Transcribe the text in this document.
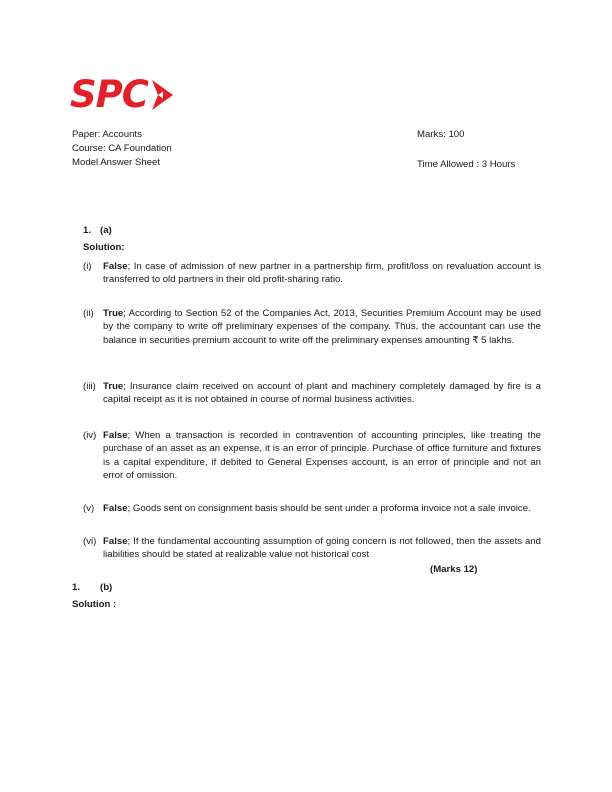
SPC
Paper: Accounts
Course: CA Foundation
Model Answer Sheet
Marks: 100
Time Allowed : 3 Hours
1. (a)
Solution:
(i)	False; In case of admission of new partner in a partnership firm, profit/loss on revaluation account is transferred to old partners in their old profit-sharing ratio.
(ii) True; According to Section 52 of the Companies Act, 2013, Securities Premium Account may be used by the company to write off preliminary expenses of the company. Thus, the accountant can use the balance in securities premium account to write off the preliminary expenses amounting ₹ 5 lakhs.
(iii) True; Insurance claim received on account of plant and machinery completely damaged by fire is a capital receipt as it is not obtained in course of normal business activities.
(iv) False; When a transaction is recorded in contravention of accounting principles, like treating the purchase of an asset as an expense, it is an error of principle. Purchase of office furniture and fixtures is a capital expenditure, if debited to General Expenses account, is an error of principle and not an error of omission.
(v) False; Goods sent on consignment basis should be sent under a proforma invoice not a sale invoice.
(vi) False; If the fundamental accounting assumption of going concern is not followed, then the assets and liabilities should be stated at realizable value not historical cost
(Marks 12)
1. (b)
Solution :
